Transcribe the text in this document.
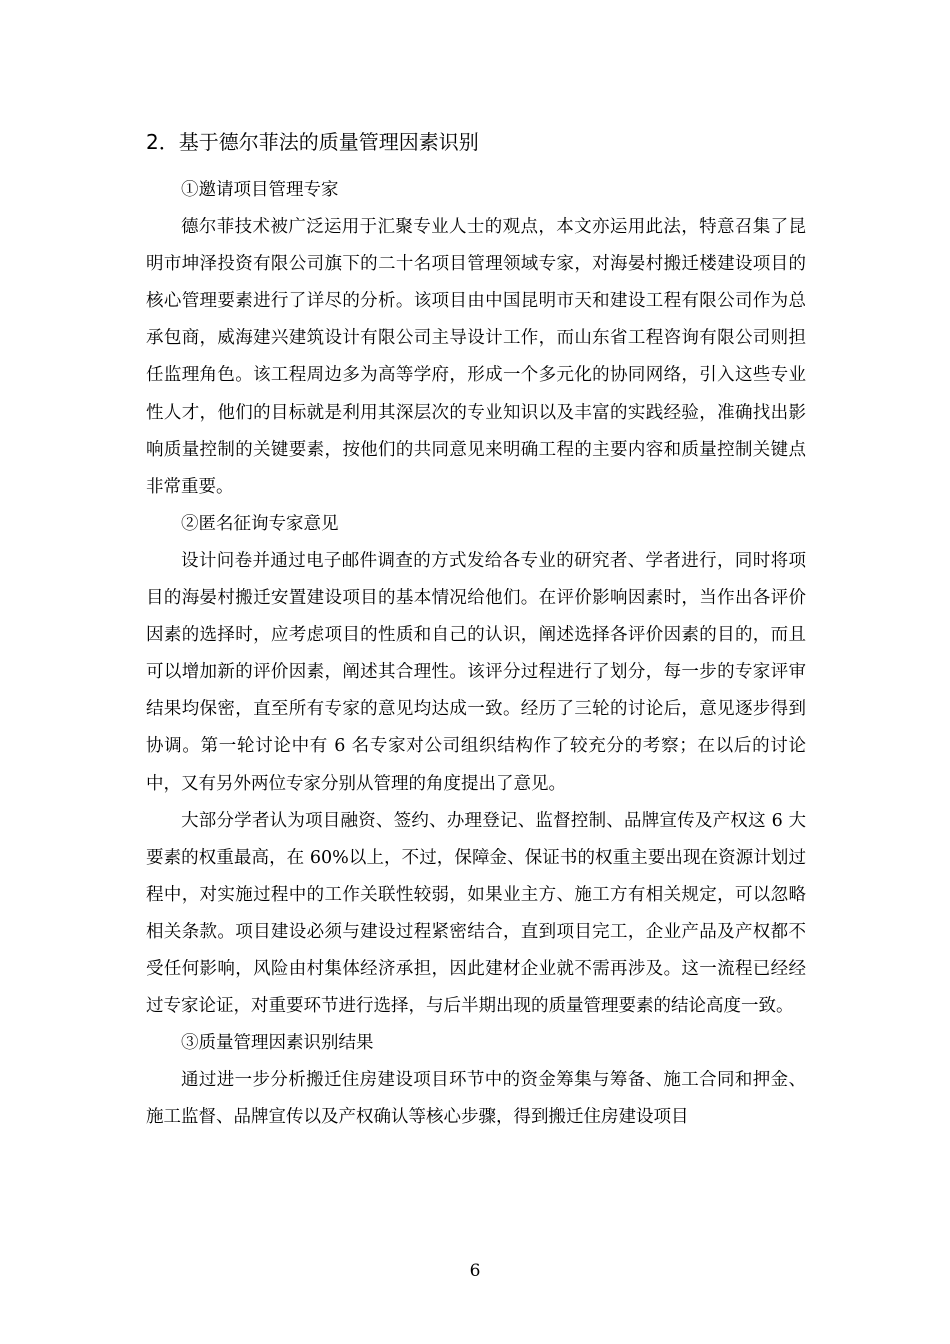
2．基于德尔菲法的质量管理因素识别

①邀请项目管理专家

德尔菲技术被广泛运用于汇聚专业人士的观点，本文亦运用此法，特意召集了昆明市坤泽投资有限公司旗下的二十名项目管理领域专家，对海晏村搬迁楼建设项目的核心管理要素进行了详尽的分析。该项目由中国昆明市天和建设工程有限公司作为总承包商，威海建兴建筑设计有限公司主导设计工作，而山东省工程咨询有限公司则担任监理角色。该工程周边多为高等学府，形成一个多元化的协同网络，引入这些专业性人才，他们的目标就是利用其深层次的专业知识以及丰富的实践经验，准确找出影响质量控制的关键要素，按他们的共同意见来明确工程的主要内容和质量控制关键点非常重要。

②匿名征询专家意见

设计问卷并通过电子邮件调查的方式发给各专业的研究者、学者进行，同时将项目的海晏村搬迁安置建设项目的基本情况给他们。在评价影响因素时，当作出各评价因素的选择时，应考虑项目的性质和自己的认识，阐述选择各评价因素的目的，而且可以增加新的评价因素，阐述其合理性。该评分过程进行了划分，每一步的专家评审结果均保密，直至所有专家的意见均达成一致。经历了三轮的讨论后，意见逐步得到协调。第一轮讨论中有 6 名专家对公司组织结构作了较充分的考察；在以后的讨论中，又有另外两位专家分别从管理的角度提出了意见。

大部分学者认为项目融资、签约、办理登记、监督控制、品牌宣传及产权这 6 大要素的权重最高，在 60%以上，不过，保障金、保证书的权重主要出现在资源计划过程中，对实施过程中的工作关联性较弱，如果业主方、施工方有相关规定，可以忽略相关条款。项目建设必须与建设过程紧密结合，直到项目完工，企业产品及产权都不受任何影响，风险由村集体经济承担，因此建材企业就不需再涉及。这一流程已经经过专家论证，对重要环节进行选择，与后半期出现的质量管理要素的结论高度一致。

③质量管理因素识别结果

通过进一步分析搬迁住房建设项目环节中的资金筹集与筹备、施工合同和押金、施工监督、品牌宣传以及产权确认等核心步骤，得到搬迁住房建设项目

6
